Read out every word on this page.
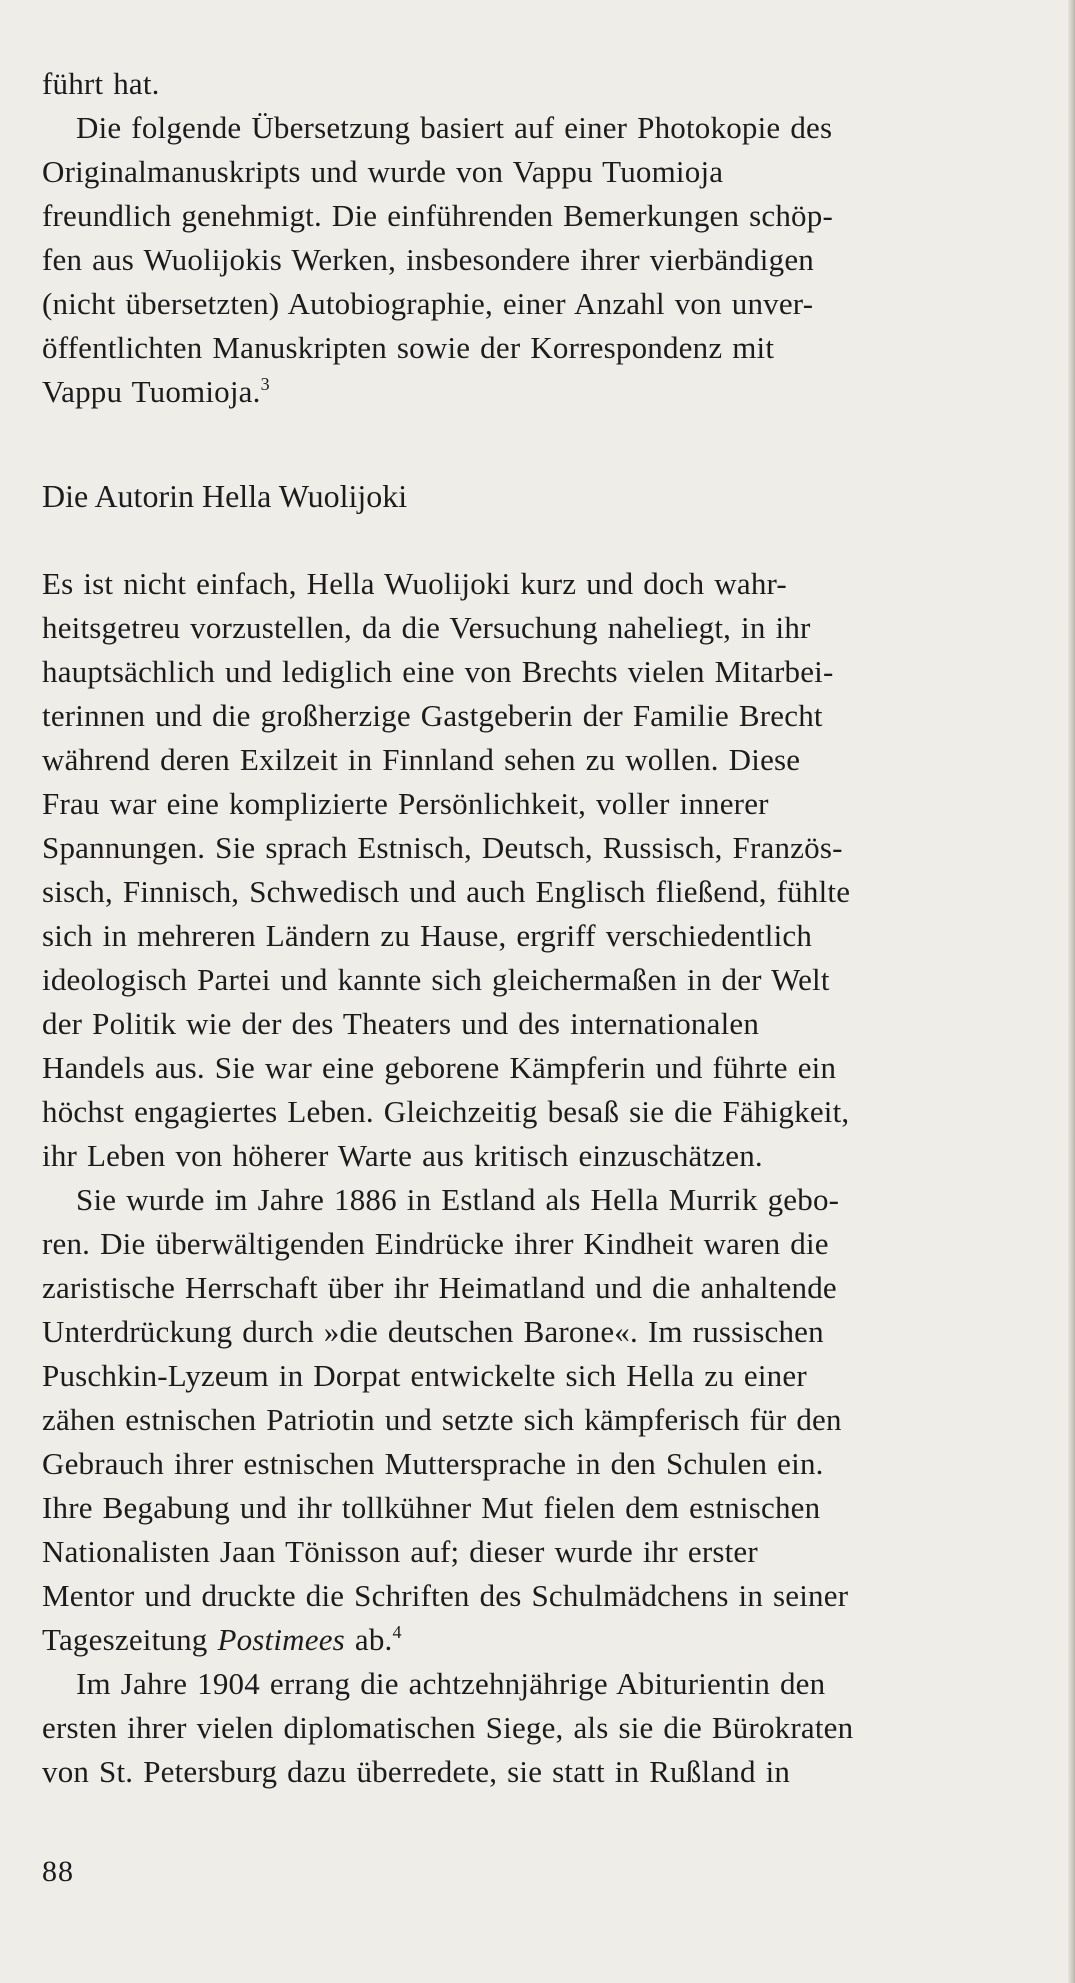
führt hat.
Die folgende Übersetzung basiert auf einer Photokopie des
Originalmanuskripts und wurde von Vappu Tuomioja
freundlich genehmigt. Die einführenden Bemerkungen schöp-
fen aus Wuolijokis Werken, insbesondere ihrer vierbändigen
(nicht übersetzten) Autobiographie, einer Anzahl von unver-
öffentlichten Manuskripten sowie der Korrespondenz mit
Vappu Tuomioja.$^3$
Die Autorin Hella Wuolijoki
Es ist nicht einfach, Hella Wuolijoki kurz und doch wahr-
heitsgetreu vorzustellen, da die Versuchung naheliegt, in ihr
hauptsächlich und lediglich eine von Brechts vielen Mitarbei-
terinnen und die großherzige Gastgeberin der Familie Brecht
während deren Exilzeit in Finnland sehen zu wollen. Diese
Frau war eine komplizierte Persönlichkeit, voller innerer
Spannungen. Sie sprach Estnisch, Deutsch, Russisch, Französ-
sisch, Finnisch, Schwedisch und auch Englisch fließend, fühlte
sich in mehreren Ländern zu Hause, ergriff verschiedentlich
ideologisch Partei und kannte sich gleichermaßen in der Welt
der Politik wie der des Theaters und des internationalen
Handels aus. Sie war eine geborene Kämpferin und führte ein
höchst engagiertes Leben. Gleichzeitig besaß sie die Fähigkeit,
ihr Leben von höherer Warte aus kritisch einzuschätzen.
Sie wurde im Jahre 1886 in Estland als Hella Murrik gebo-
ren. Die überwältigenden Eindrücke ihrer Kindheit waren die
zaristische Herrschaft über ihr Heimatland und die anhaltende
Unterdrückung durch »die deutschen Barone«. Im russischen
Puschkin-Lyzeum in Dorpat entwickelte sich Hella zu einer
zähen estnischen Patriotin und setzte sich kämpferisch für den
Gebrauch ihrer estnischen Muttersprache in den Schulen ein.
Ihre Begabung und ihr tollkühner Mut fielen dem estnischen
Nationalisten Jaan Tönisson auf; dieser wurde ihr erster
Mentor und druckte die Schriften des Schulmädchens in seiner
Tageszeitung Postimees ab.$^4$
Im Jahre 1904 errang die achtzehnjährige Abiturientin den
ersten ihrer vielen diplomatischen Siege, als sie die Bürokraten
von St. Petersburg dazu überredete, sie statt in Rußland in
88
